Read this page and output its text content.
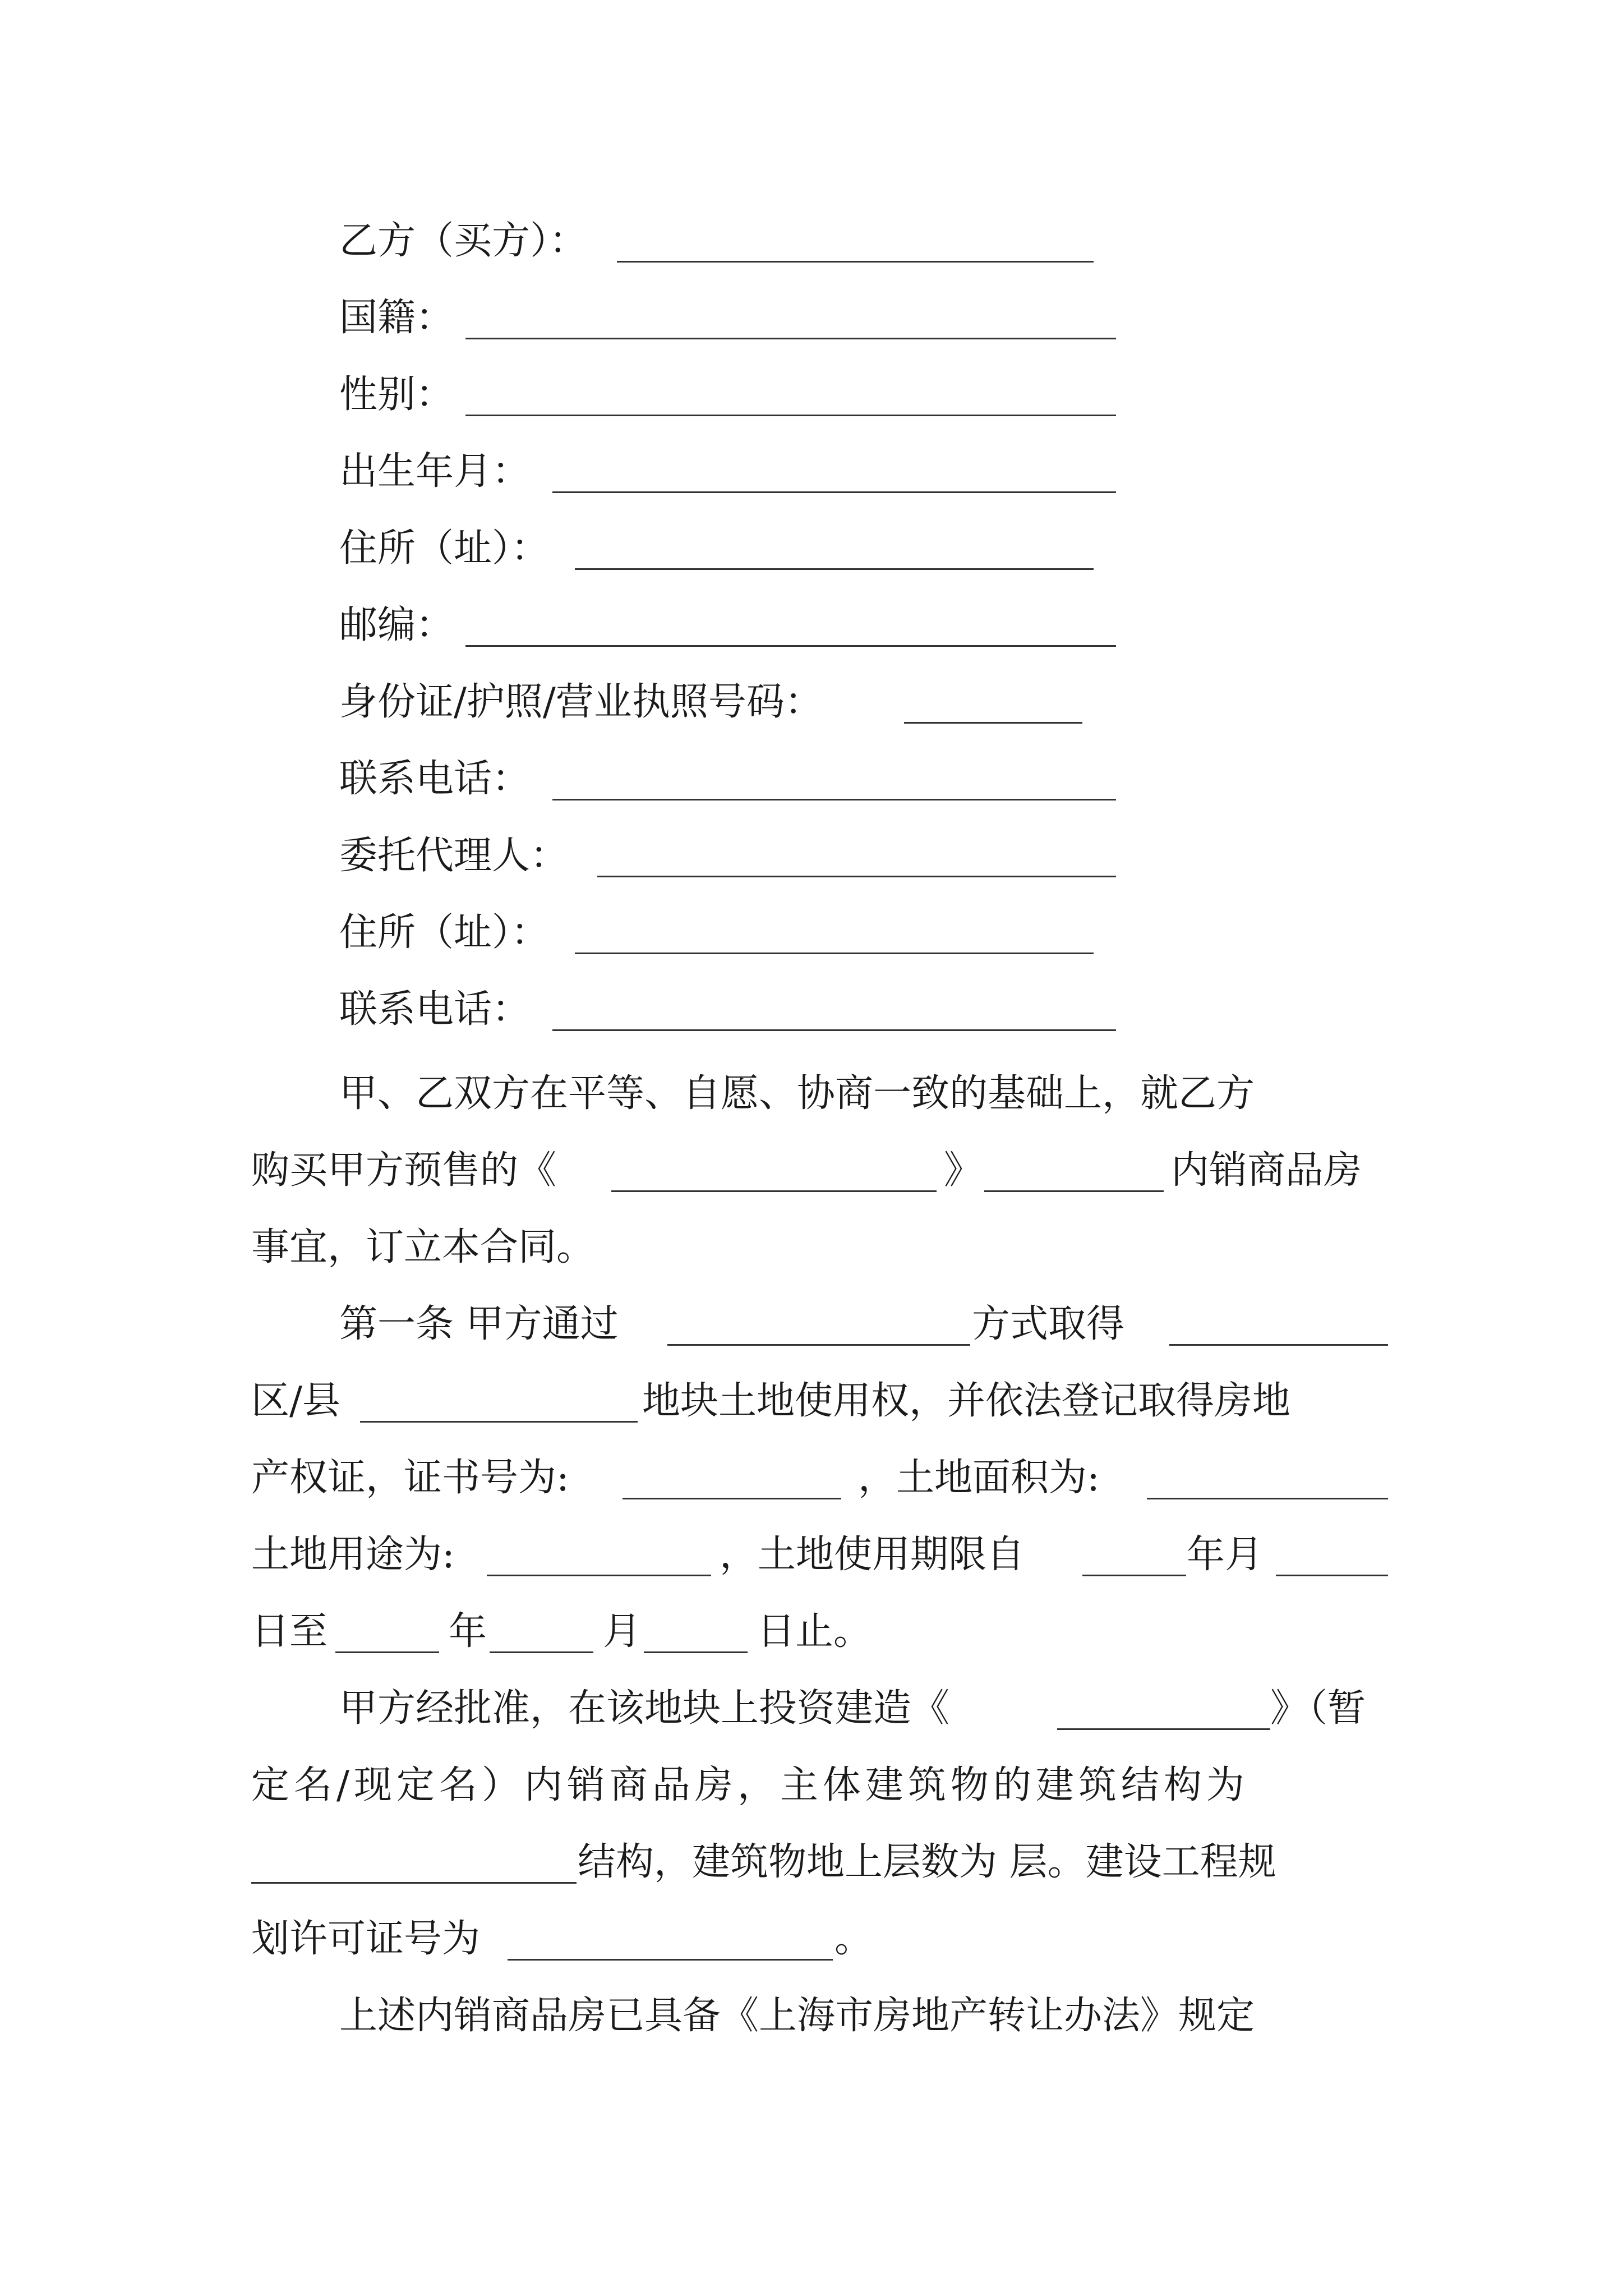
乙方（买方）：
国籍：
性别：
出生年月：
住所（址）：
邮编：
身份证/护照/营业执照号码：
联系电话：
委托代理人：
住所（址）：
联系电话：
甲、乙双方在平等、自愿、协商一致的基础上，就乙方
购买甲方预售的《	》	内销商品房
事宜，订立本合同。
第一条 甲方通过	方式取得
区/县	地块土地使用权，并依法登记取得房地
产权证，证书号为:	，土地面积为:
土地用途为:	，土地使用期限自	年月
日至	年	月	日止。
甲方经批准，在该地块上投资建造《	》（暂
定名/现定名）内销商品房，主体建筑物的建筑结构为
结构，建筑物地上层数为 层。建设工程规
划许可证号为	。
上述内销商品房已具备《上海市房地产转让办法》规定
